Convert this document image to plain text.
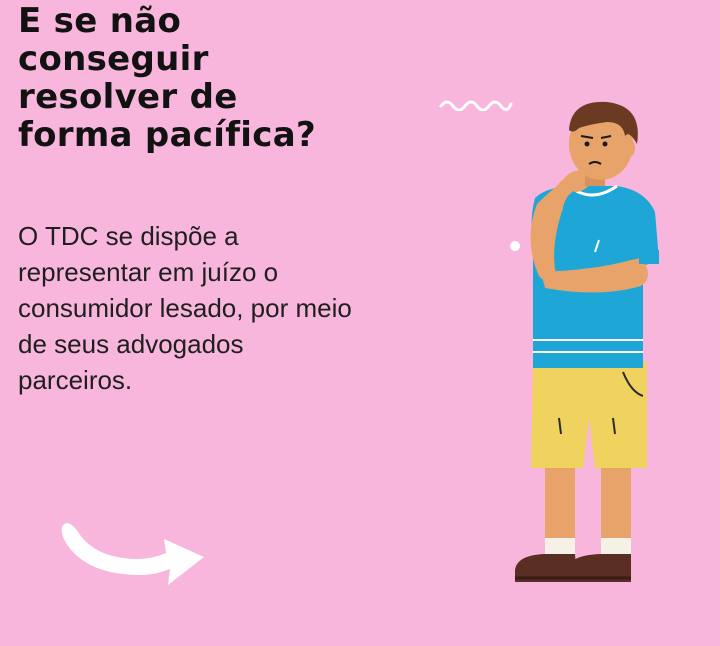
E se não
conseguir
resolver de
forma pacífica?

O TDC se dispõe a
representar em juízo o
consumidor lesado, por meio
de seus advogados
parceiros.
